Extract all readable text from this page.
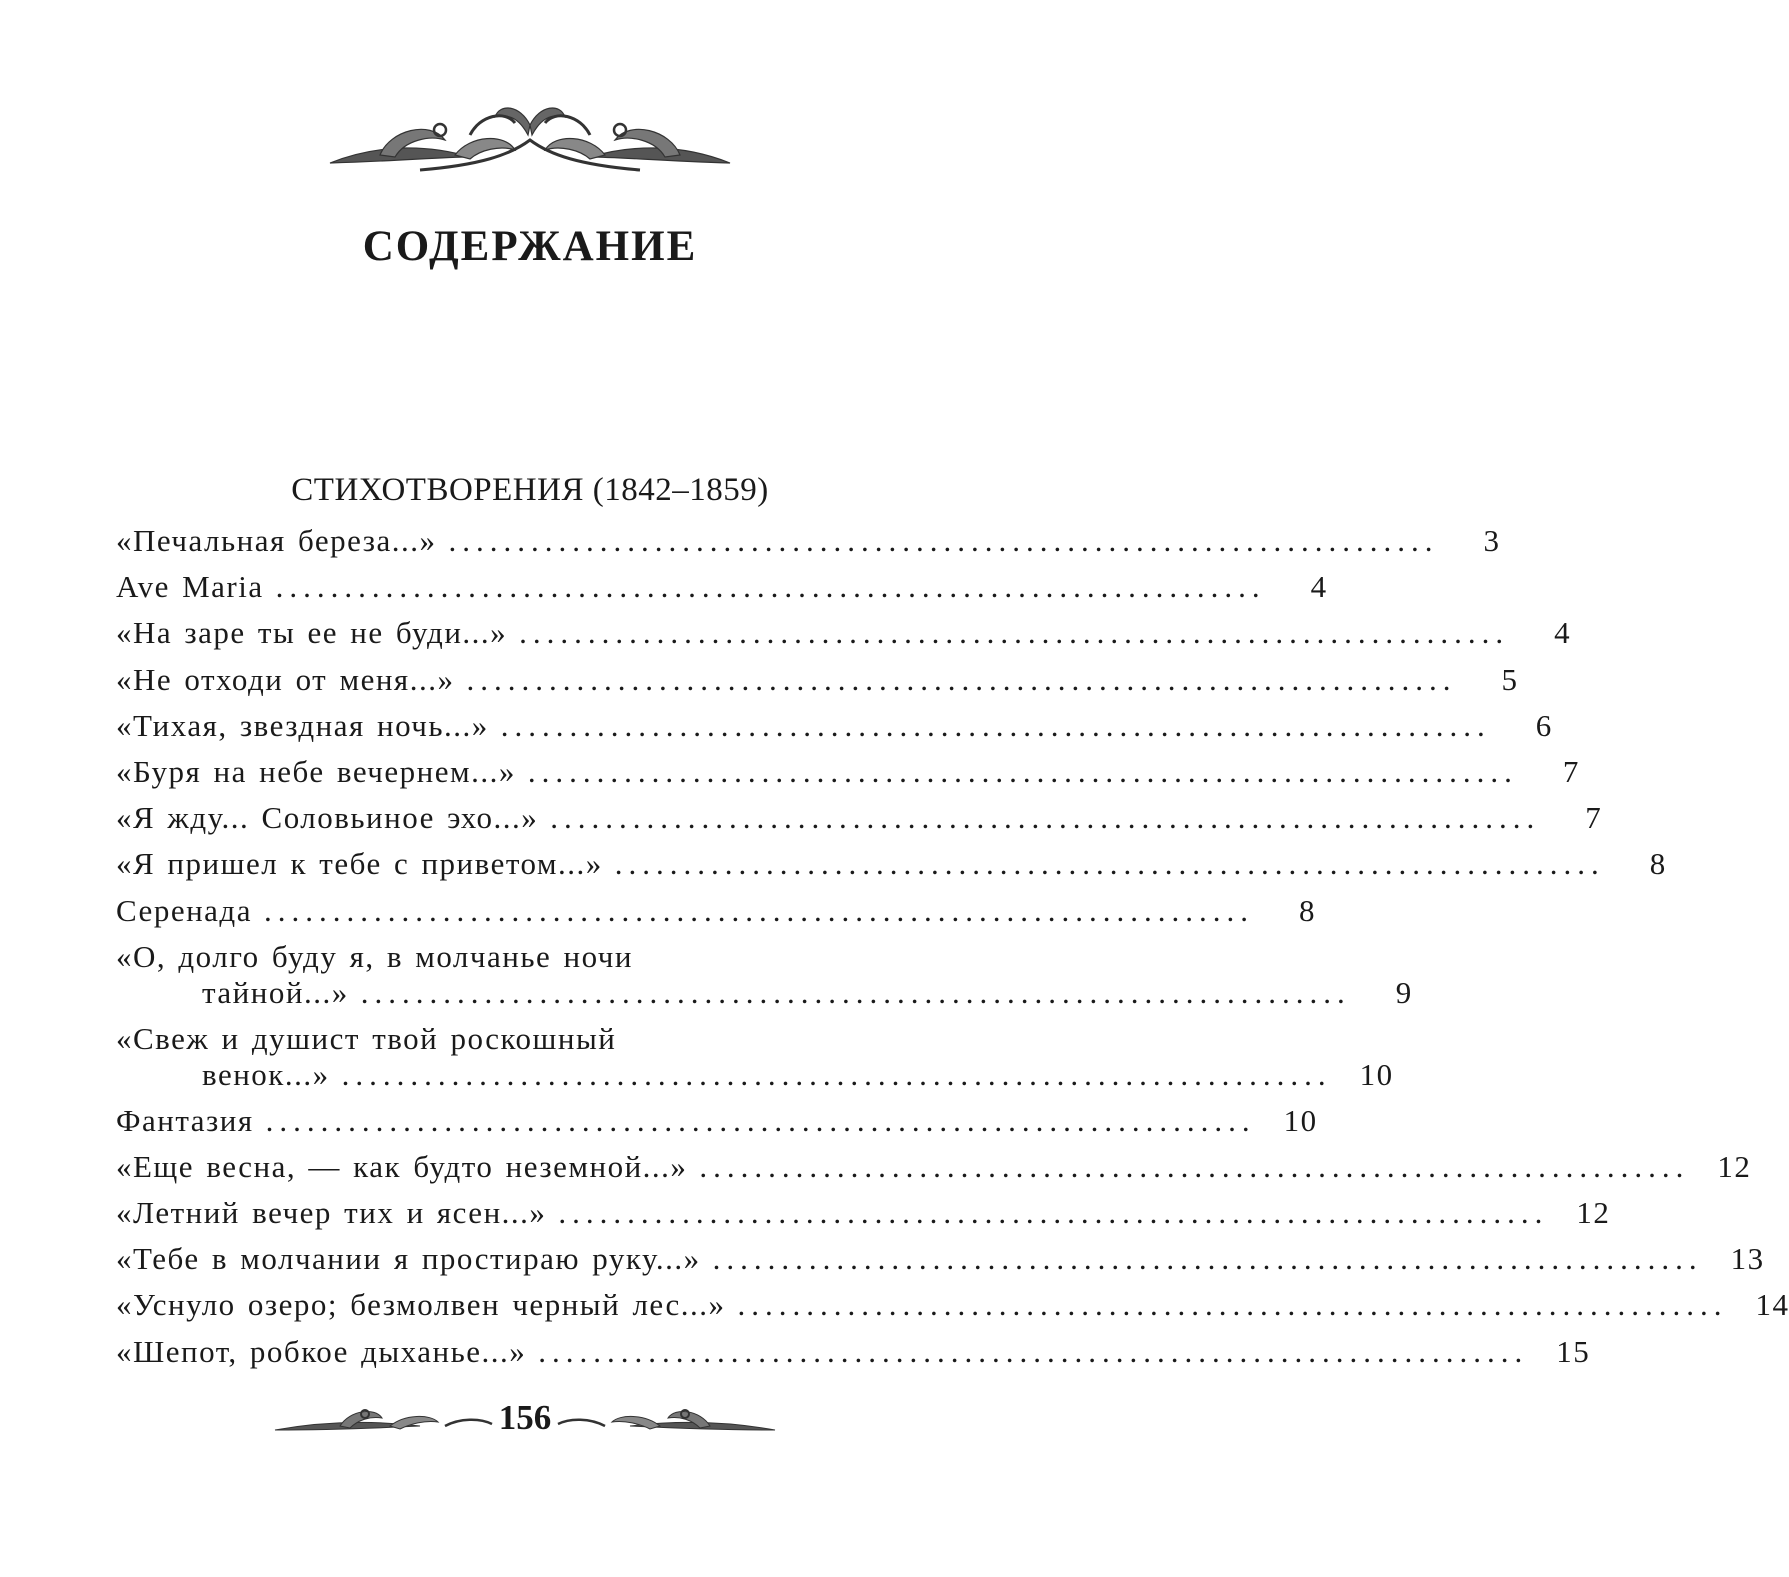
СОДЕРЖАНИЕ
СТИХОТВОРЕНИЯ (1842–1859)
«Печальная береза...» ........................................................................	3
Ave Maria ........................................................................	4
«На заре ты ее не буди...» ........................................................................	4
«Не отходи от меня...» ........................................................................	5
«Тихая, звездная ночь...» ........................................................................	6
«Буря на небе вечернем...» ........................................................................	7
«Я жду... Соловьиное эхо...» ........................................................................	7
«Я пришел к тебе с приветом...» ........................................................................	8
Серенада ........................................................................	8
«О, долго буду я, в молчанье ночи
тайной...» ........................................................................	9
«Свеж и душист твой роскошный
венок...» ........................................................................ 10
Фантазия ........................................................................ 10
«Еще весна, — как будто неземной...» ........................................................................ 12
«Летний вечер тих и ясен...» ........................................................................ 12
«Тебе в молчании я простираю руку...» ........................................................................ 13
«Уснуло озеро; безмолвен черный лес...» ........................................................................ 14
«Шепот, робкое дыханье...» ........................................................................ 15
156
